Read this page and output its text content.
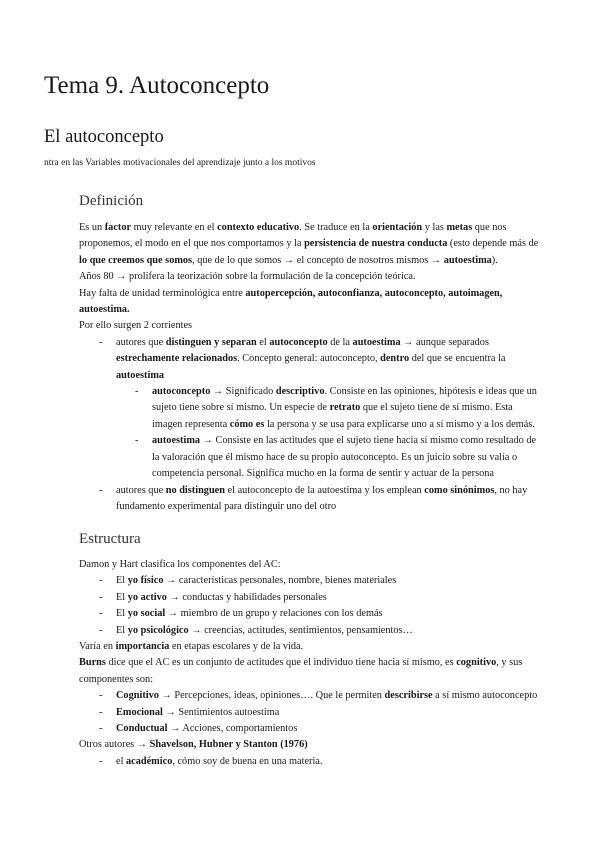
Tema 9. Autoconcepto
El autoconcepto
ntra en las Variables motivacionales del aprendizaje junto a los motivos
Definición
Es un factor muy relevante en el contexto educativo. Se traduce en la orientación y las metas que nos proponemos, el modo en el que nos comportamos y la persistencia de nuestra conducta (esto depende más de lo que creemos que somos, que de lo que somos → el concepto de nosotros mismos → autoestima).
Años 80 → prolifera la teorización sobre la formulación de la concepción teórica.
Hay falta de unidad terminológica entre autopercepción, autoconfianza, autoconcepto, autoimagen, autoestima.
Por ello surgen 2 corrientes
- autores que distinguen y separan el autoconcepto de la autoestima → aunque separados estrechamente relacionados. Concepto general: autoconcepto, dentro del que se encuentra la autoestima
- autoconcepto → Significado descriptivo. Consiste en las opiniones, hipótesis e ideas que un sujeto tiene sobre sí mismo. Un especie de retrato que el sujeto tiene de sí mismo. Esta imagen representa cómo es la persona y se usa para explicarse uno a sí mismo y a los demás.
- autoestima → Consiste en las actitudes que el sujeto tiene hacia sí mismo como resultado de la valoración que él mismo hace de su propio autoconcepto. Es un juicio sobre su valía o competencia personal. Significa mucho en la forma de sentir y actuar de la persona
- autores que no distinguen el autoconcepto de la autoestima y los emplean como sinónimos, no hay fundamento experimental para distinguir uno del otro
Estructura
Damon y Hart clasifica los componentes del AC:
- El yo físico → características personales, nombre, bienes materiales
- El yo activo → conductas y habilidades personales
- El yo social → miembro de un grupo y relaciones con los demás
- El yo psicológico → creencias, actitudes, sentimientos, pensamientos…
Varía en importancia en etapas escolares y de la vida.
Burns dice que el AC es un conjunto de actitudes que el individuo tiene hacia sí mismo, es cognitivo, y sus componentes son:
- Cognitivo → Percepciones, ideas, opiniones…. Que le permiten describirse a sí mismo autoconcepto
- Emocional → Sentimientos autoestima
- Conductual → Acciones, comportamientos
Otros autores → Shavelson, Hubner y Stanton (1976)
- el académico, cómo soy de buena en una materia.
